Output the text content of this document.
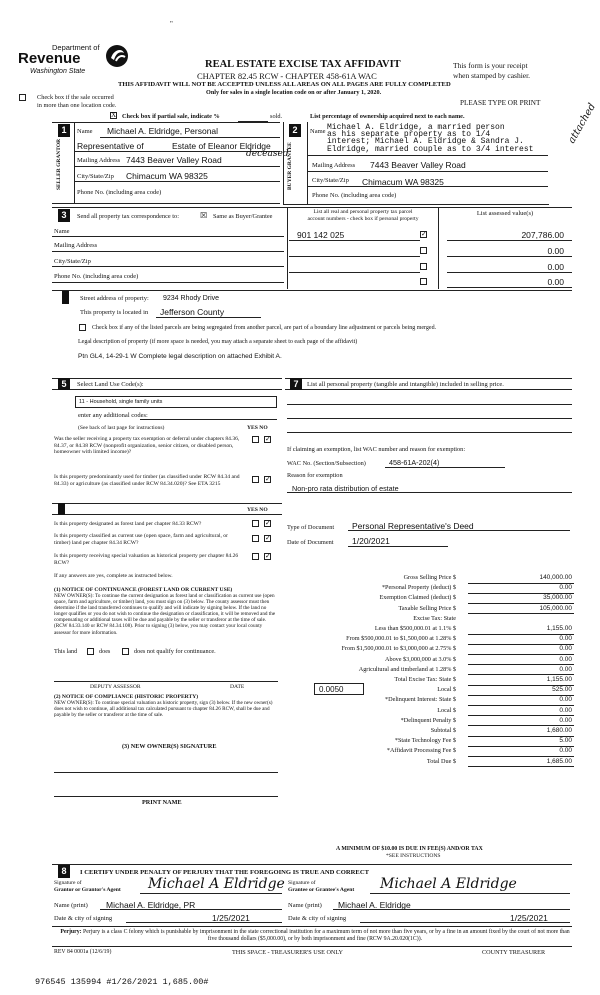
"
Department of
Revenue
Washington State
REAL ESTATE EXCISE TAX AFFIDAVIT
CHAPTER 82.45 RCW - CHAPTER 458-61A WAC
THIS AFFIDAVIT WILL NOT BE ACCEPTED UNLESS ALL AREAS ON ALL PAGES ARE FULLY COMPLETED
Only for sales in a single location code on or after January 1, 2020.
This form is your receipt
when stamped by cashier.
PLEASE TYPE OR PRINT
Check box if the sale occurred
in more than one location code.
X Check box if partial sale, indicate %	sold.	List percentage of ownership acquired next to each name.
1
SELLER GRANTOR
Name Michael A. Eldridge, Personal
Representative of	Estate of Eleanor Eldridge
Mailing Address 7443 Beaver Valley Road
deceased
City/State/Zip Chimacum WA 98325
Phone No. (including area code)
2
BUYER GRANTEE
Name Michael A. Eldridge, a married person
as his separate property as to 1/4
interest; Michael A. Eldridge & Sandra J.
Eldridge, married couple as to 3/4 interest
attached
Mailing Address 7443 Beaver Valley Road
City/State/Zip Chimacum WA 98325
Phone No. (including area code)
3	Send all property tax correspondence to:	☒ Same as Buyer/Grantee
List all real and personal property tax parcel
account numbers - check box if personal property
List assessed value(s)
Name
Mailing Address
City/State/Zip
Phone No. (including area code)
901 142 025	✓	207,786.00
0.00
0.00
0.00
4 Street address of property: 9234 Rhody Drive
This property is located in Jefferson County
Check box if any of the listed parcels are being segregated from another parcel, are part of a boundary line adjustment or parcels being merged.
Legal description of property (if more space is needed, you may attach a separate sheet to each page of the affidavit)
Ptn GL4, 14-29-1 W Complete legal description on attached Exhibit A.
5	Select Land Use Code(s):
11 - Household, single family units
enter any additional codes:
(See back of last page for instructions)	YES NO
Was the seller receiving a property tax exemption or deferral under chapters 84.36, 84.37, or 84.38 RCW (nonprofit organization, senior citizen, or disabled person, homeowner with limited income)?
✓
Is this property predominantly used for timber (as classified under RCW 84.34 and 84.33) or agriculture (as classified under RCW 84.34.020)? See ETA 3215
✓
6	YES NO
Is this property designated as forest land per chapter 84.33 RCW?	✓
Is this property classified as current use (open space, farm and agricultural, or timber) land per chapter 84.34 RCW?
✓
Is this property receiving special valuation as historical property per chapter 84.26 RCW?
✓
If any answers are yes, complete as instructed below.
(1) NOTICE OF CONTINUANCE (FOREST LAND OR CURRENT USE)
NEW OWNER(S): To continue the current designation as forest land or classification as current use (open space, farm and agriculture, or timber) land, you must sign on (3) below. The county assessor must then determine if the land transferred continues to qualify and will indicate by signing below. If the land no longer qualifies or you do not wish to continue the designation or classification, it will be removed and the compensating or additional taxes will be due and payable by the seller or transferor at the time of sale. (RCW 84.33.140 or RCW 84.34.108). Prior to signing (3) below, you may contact your local county assessor for more information.
This land	does	does not qualify for continuance.
DEPUTY ASSESSOR	DATE
(2) NOTICE OF COMPLIANCE (HISTORIC PROPERTY)
NEW OWNER(S): To continue special valuation as historic property, sign (3) below. If the new owner(s) does not wish to continue, all additional tax calculated pursuant to chapter 84.26 RCW, shall be due and payable by the seller or transferor at the time of sale.
(3) NEW OWNER(S) SIGNATURE
PRINT NAME
7	List all personal property (tangible and intangible) included in selling price.
If claiming an exemption, list WAC number and reason for exemption:
WAC No. (Section/Subsection)	458-61A-202(4)
Reason for exemption
Non-pro rata distribution of estate
Type of Document Personal Representative's Deed
Date of Document 1/20/2021
Gross Selling Price $	140,000.00
*Personal Property (deduct) $	0.00
Exemption Claimed (deduct) $	35,000.00
Taxable Selling Price $	105,000.00
Excise Tax: State
Less than $500,000.01 at 1.1% $	1,155.00
From $500,000.01 to $1,500,000 at 1.28% $	0.00
From $1,500,000.01 to $3,000,000 at 2.75% $	0.00
Above $3,000,000 at 3.0% $	0.00
Agricultural and timberland at 1.28% $	0.00
Total Excise Tax: State $	1,155.00
Local $	525.00
*Delinquent Interest: State $	0.00
Local $	0.00
*Delinquent Penalty $	0.00
Subtotal $	1,680.00
*State Technology Fee $	5.00
*Affidavit Processing Fee $	0.00
Total Due $	1,685.00
0.0050
A MINIMUM OF $10.00 IS DUE IN FEE(S) AND/OR TAX
*SEE INSTRUCTIONS
8	I CERTIFY UNDER PENALTY OF PERJURY THAT THE FOREGOING IS TRUE AND CORRECT
Signature of
Grantor or Grantor's Agent Michael A Eldridge Signature of
Grantee or Grantee's Agent Michael A Eldridge
Name (print) Michael A. Eldridge, PR	Name (print) Michael A. Eldridge
Date & city of signing	1/25/2021	Date & city of signing	1/25/2021
Perjury: Perjury is a class C felony which is punishable by imprisonment in the state correctional institution for a maximum term of not more than five years, or by a fine in an amount fixed by the court of not more than five thousand dollars ($5,000.00), or by both imprisonment and fine (RCW 9A.20.020(1C)).
REV 84 0001a (12/6/19)	THIS SPACE - TREASURER'S USE ONLY	COUNTY TREASURER
976545 135994 #1/26/2021 1,685.00#
